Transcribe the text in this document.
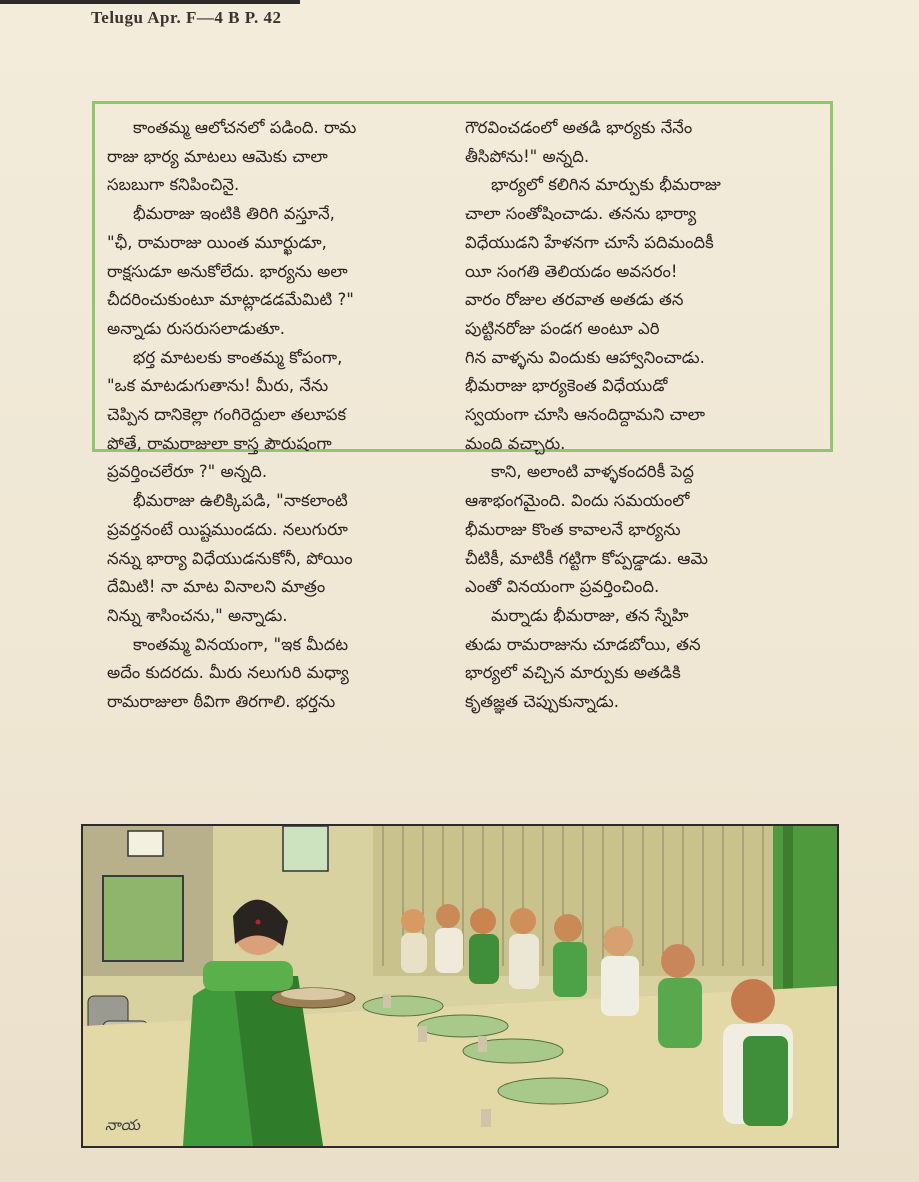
Telugu Apr. F—4 B P. 42

కాంతమ్మ ఆలోచనలో పడింది. రామ

రాజు భార్య మాటలు ఆమెకు చాలా

సబబుగా కనిపించినై.

భీమరాజు ఇంటికి తిరిగి వస్తూనే,

"ఛీ, రామరాజు యింత మూర్ఖుడూ,

రాక్షసుడూ అనుకోలేదు. భార్యను అలా

చీదరించుకుంటూ మాట్లాడడమేమిటి ?"

అన్నాడు రుసరుసలాడుతూ.

భర్త మాటలకు కాంతమ్మ కోపంగా,

"ఒక మాటడుగుతాను! మీరు, నేను

చెప్పిన దానికెల్లా గంగిరెద్దులా తలూపక

పోతే, రామరాజులా కాస్త పౌరుషంగా

ప్రవర్తించలేరూ ?" అన్నది.

భీమరాజు ఉలిక్కిపడి, "నాకలాంటి

ప్రవర్తనంటే యిష్టముండదు. నలుగురూ

నన్ను భార్యా విధేయుడనుకోనీ, పోయిం

దేమిటి! నా మాట వినాలని మాత్రం

నిన్ను శాసించను," అన్నాడు.

కాంతమ్మ వినయంగా, "ఇక మీదట

అదేం కుదరదు. మీరు నలుగురి మధ్యా

రామరాజులా ఠీవిగా తిరగాలి. భర్తను

గౌరవించడంలో అతడి భార్యకు నేనేం

తీసిపోను!" అన్నది.

భార్యలో కలిగిన మార్పుకు భీమరాజు

చాలా సంతోషించాడు. తనను భార్యా

విధేయుడని హేళనగా చూసే పదిమందికీ

యీ సంగతి తెలియడం అవసరం!

వారం రోజుల తరవాత అతడు తన

పుట్టినరోజు పండగ అంటూ ఎరి

గిన వాళ్ళను విందుకు ఆహ్వానించాడు.

భీమరాజు భార్యకెంత విధేయుడో

స్వయంగా చూసి ఆనందిద్దామని చాలా

మంది వచ్చారు.

కాని, అలాంటి వాళ్ళకందరికీ పెద్ద

ఆశాభంగమైంది. విందు సమయంలో

భీమరాజు కొంత కావాలనే భార్యను

చీటికీ, మాటికీ గట్టిగా కోప్పడ్డాడు. ఆమె

ఎంతో వినయంగా ప్రవర్తించింది.

మర్నాడు భీమరాజు, తన స్నేహి

తుడు రామరాజును చూడబోయి, తన

భార్యలో వచ్చిన మార్పుకు అతడికి

కృతజ్ఞత చెప్పుకున్నాడు.

నాయ
